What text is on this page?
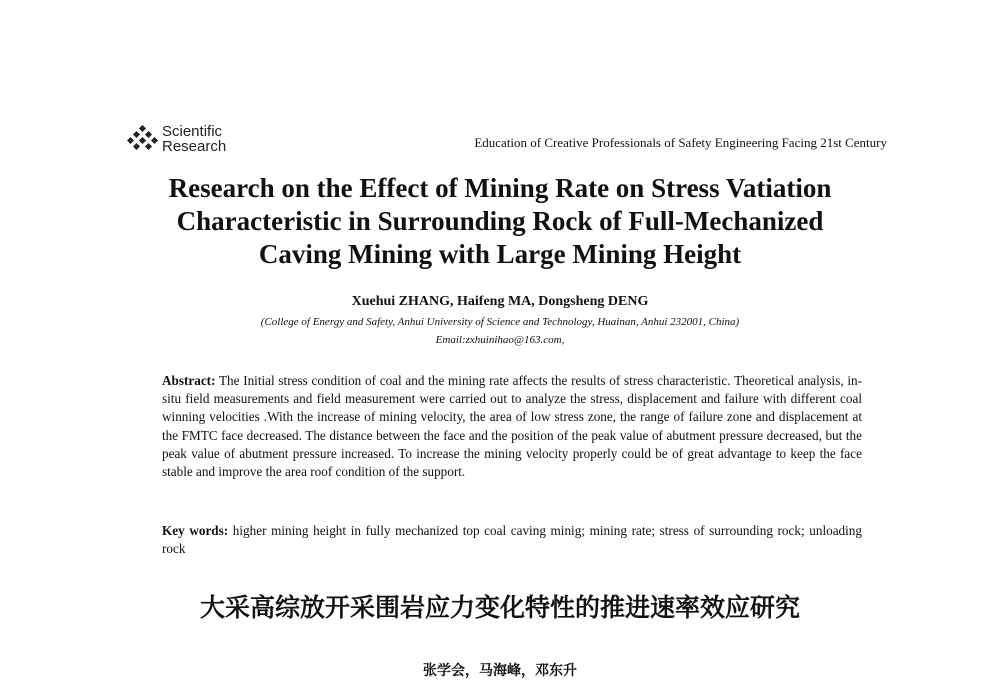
Scientific
Research	Education of Creative Professionals of Safety Engineering Facing 21st Century
Research on the Effect of Mining Rate on Stress Vatiation
Characteristic in Surrounding Rock of Full-Mechanized
Caving Mining with Large Mining Height
Xuehui ZHANG, Haifeng MA, Dongsheng DENG
(College of Energy and Safety, Anhui University of Science and Technology, Huainan, Anhui 232001, China)
Email:zxhuinihao@163.com,
Abstract: The Initial stress condition of coal and the mining rate affects the results of stress characteristic. Theoretical analysis, in-situ field measurements and field measurement were carried out to analyze the stress, displacement and failure with different coal winning velocities .With the increase of mining velocity, the area of low stress zone, the range of failure zone and displacement at the FMTC face decreased. The distance between the face and the position of the peak value of abutment pressure decreased, but the peak value of abutment pressure increased. To increase the mining velocity properly could be of great advantage to keep the face stable and improve the area roof condition of the support.
Key words: higher mining height in fully mechanized top coal caving minig; mining rate; stress of surrounding rock; unloading rock
大采高综放开采围岩应力变化特性的推进速率效应研究
张学会，马海峰，邓东升
